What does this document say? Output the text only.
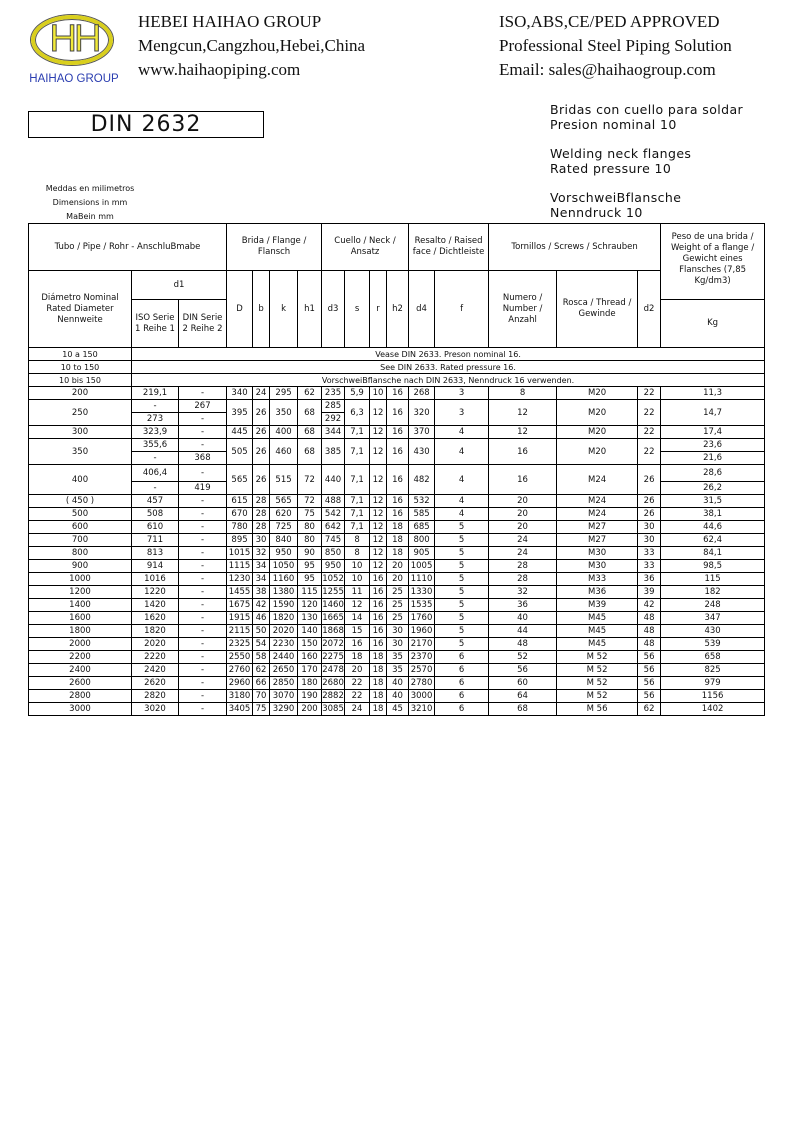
HH
HAIHAO GROUP
HEBEI HAIHAO GROUP
Mengcun,Cangzhou,Hebei,China
www.haihaopiping.com
ISO,ABS,CE/PED APPROVED
Professional Steel Piping Solution
Email: sales@haihaogroup.com
DIN 2632

Bridas con cuello para soldar
Presion nominal 10

Welding neck flanges
Rated pressure 10

VorschweiBflansche
Nenndruck 10

Meddas en milimetros
Dimensions in mm
MaBein mm
Tubo / Pipe / Rohr - AnschluBmabe			Brida / Flange / Flansch				Cuello / Neck / Ansatz				Resalto / Raised face / Dichtleiste		Tornillos / Screws / Schrauben			Peso de una brida / Weight of a flange / Gewicht eines Flansches (7,85 Kg/dm3)
Diámetro Nominal Rated Diameter Nennweite	d1		D	b	k	h1	d3	s	r	h2	d4	f	Numero / Number / Anzahl	Rosca / Thread / Gewinde	d2	
	ISO Serie 1 Reihe 1	DIN Serie 2 Reihe 2														Kg

10 a 150	Vease DIN 2633. Preson nominal 16.															
10 to 150	See DIN 2633. Rated pressure 16.															
10 bis 150	VorschweiBflansche nach DIN 2633, Nenndruck 16 verwenden.															
200	219,1	-	340	24	295	62	235	5,9	10	16	268	3	8	M20	22	11,3
250	-	267	395	26	350	68	285	6,3	12	16	320	3	12	M20	22	14,7
	273	-					292									
300	323,9	-	445	26	400	68	344	7,1	12	16	370	4	12	M20	22	17,4
350	355,6	-	505	26	460	68	385	7,1	12	16	430	4	16	M20	22	23,6
	-	368														21,6
400	406,4	-	565	26	515	72	440	7,1	12	16	482	4	16	M24	26	28,6
	-	419														26,2
( 450 )	457	-	615	28	565	72	488	7,1	12	16	532	4	20	M24	26	31,5
500	508	-	670	28	620	75	542	7,1	12	16	585	4	20	M24	26	38,1
600	610	-	780	28	725	80	642	7,1	12	18	685	5	20	M27	30	44,6
700	711	-	895	30	840	80	745	8	12	18	800	5	24	M27	30	62,4
800	813	-	1015	32	950	90	850	8	12	18	905	5	24	M30	33	84,1
900	914	-	1115	34	1050	95	950	10	12	20	1005	5	28	M30	33	98,5
1000	1016	-	1230	34	1160	95	1052	10	16	20	1110	5	28	M33	36	115
1200	1220	-	1455	38	1380	115	1255	11	16	25	1330	5	32	M36	39	182
1400	1420	-	1675	42	1590	120	1460	12	16	25	1535	5	36	M39	42	248
1600	1620	-	1915	46	1820	130	1665	14	16	25	1760	5	40	M45	48	347
1800	1820	-	2115	50	2020	140	1868	15	16	30	1960	5	44	M45	48	430
2000	2020	-	2325	54	2230	150	2072	16	16	30	2170	5	48	M45	48	539
2200	2220	-	2550	58	2440	160	2275	18	18	35	2370	6	52	M 52	56	658
2400	2420	-	2760	62	2650	170	2478	20	18	35	2570	6	56	M 52	56	825
2600	2620	-	2960	66	2850	180	2680	22	18	40	2780	6	60	M 52	56	979
2800	2820	-	3180	70	3070	190	2882	22	18	40	3000	6	64	M 52	56	1156
3000	3020	-	3405	75	3290	200	3085	24	18	45	3210	6	68	M 56	62	1402
